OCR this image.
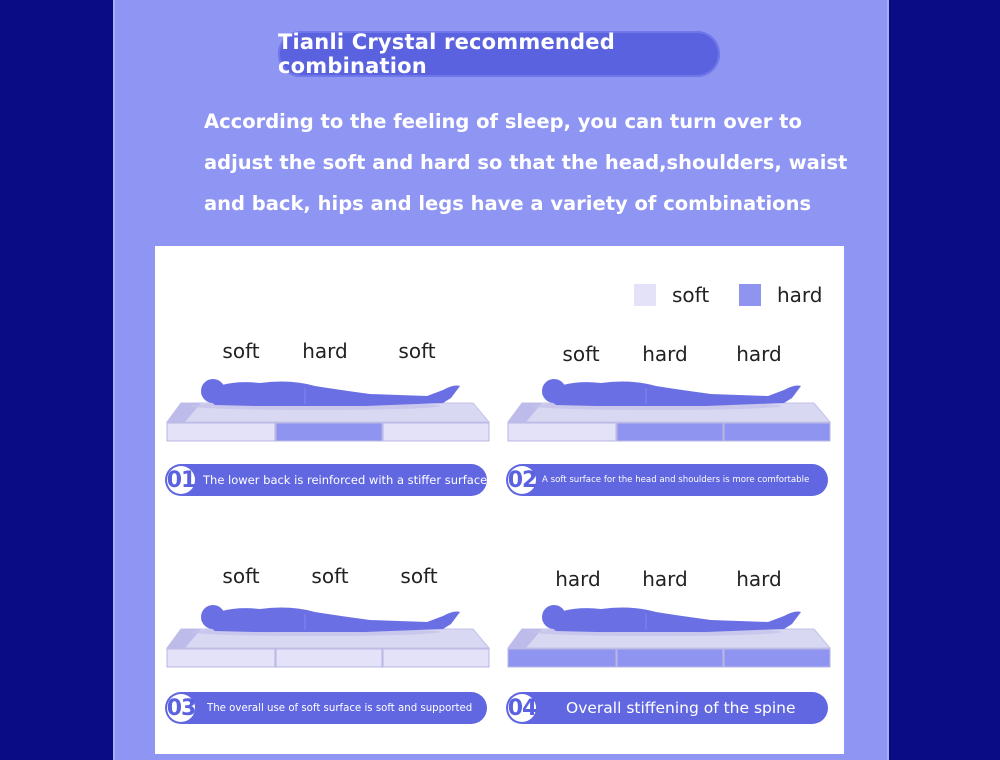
Tianli Crystal recommended combination

According to the feeling of sleep, you can turn over to
adjust the soft and hard so that the head,shoulders, waist
and back, hips and legs have a variety of combinations

soft	hard
soft	hard	soft
01 The lower back is reinforced with a stiffer surface
soft	hard	hard
02 A soft surface for the head and shoulders is more comfortable
soft	soft	soft
03 The overall use of soft surface is soft and supported
hard	hard	hard
04 Overall stiffening of the spine
